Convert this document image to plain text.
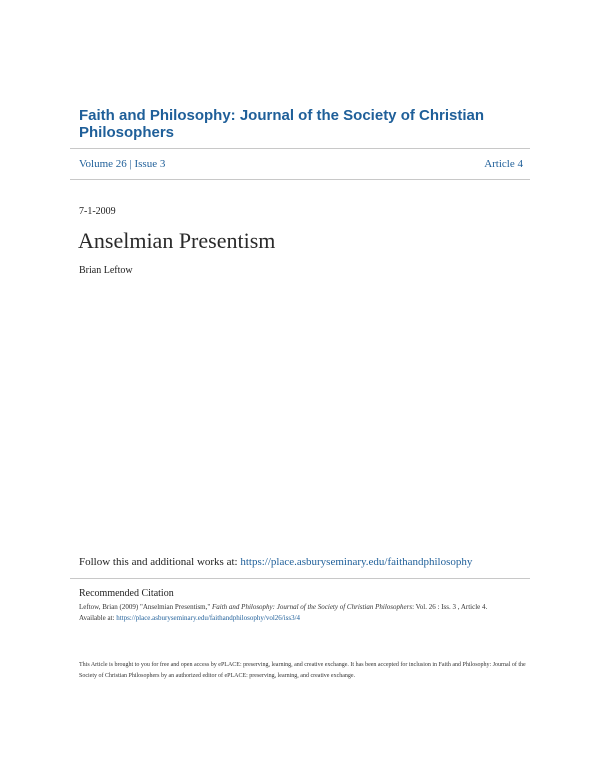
Faith and Philosophy: Journal of the Society of Christian Philosophers
Volume 26 | Issue 3	Article 4
7-1-2009
Anselmian Presentism
Brian Leftow
Follow this and additional works at: https://place.asburyseminary.edu/faithandphilosophy
Recommended Citation
Leftow, Brian (2009) "Anselmian Presentism," Faith and Philosophy: Journal of the Society of Christian Philosophers: Vol. 26 : Iss. 3 , Article 4.
Available at: https://place.asburyseminary.edu/faithandphilosophy/vol26/iss3/4
This Article is brought to you for free and open access by ePLACE: preserving, learning, and creative exchange. It has been accepted for inclusion in Faith and Philosophy: Journal of the Society of Christian Philosophers by an authorized editor of ePLACE: preserving, learning, and creative exchange.
